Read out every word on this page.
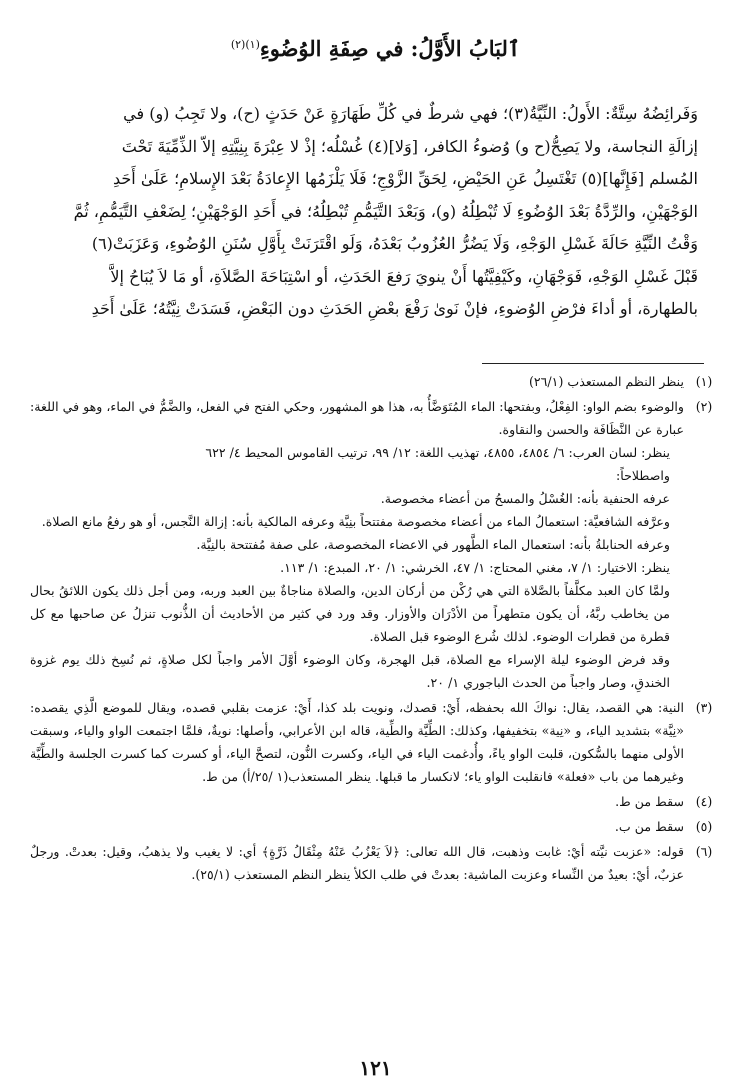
ٱلبَابُ الأَوَّلُ: في صِفَةِ الوُضُوءِ$^{(١)(٢)}$
وَفَرائِضُهُ سِتَّةٌ: الأَولُ: النِّيَّةُ(٣)؛ فهي شرطٌ في كُلِّ طَهَارَةٍ عَنْ حَدَثٍ (ح)، ولا تَجِبُ (و) في
إزالَةِ النجاسة، ولا يَصِحُّ(ح و) وُضوءُ الكافر، [وَلا](٤) غُسْلُه؛ إذْ لا عِبْرَةَ بِنِيَّتِهِ إلاّ الذِّمِّيَةَ تَحْتَ
المُسلم [فَإِنَّها](٥) تَغْتَسِلُ عَنِ الحَيْضِ، لِحَقِّ الزَّوْجِ؛ فَلَا يَلْزَمُها الإِعادَةُ بَعْدَ الإِسلامِ؛ عَلَىٰ أَحَدِ
الوَجْهَيْنِ، والرِّدَّةُ بَعْدَ الوُضُوءِ لَا تُبْطِلُهُ (و)، وَبَعْدَ التَّيَمُّمِ تُبْطِلُهُ؛ في أَحَدِ الوَجْهَيْنِ؛ لِضَعْفِ التَّيَمُّمِ، ثُمَّ
وَقْتُ النِّيَّةِ حَالَةَ غَسْلِ الوَجْهِ، وَلَا يَضُرُّ العُزُوبُ بَعْدَهُ، وَلَو اقْتَرَنَتْ بِأَوَّلِ سُنَنِ الوُضُوءِ، وَعَزَبَتْ(٦)
قَبْلَ غَسْلِ الوَجْهِ، فَوَجْهَانِ، وكَيْفِيَّتُها أَنْ ينويَ رَفعَ الحَدَثِ، أو اسْتِبَاحَةَ الصَّلاَةِ، أو مَا لاَ يُبَاحُ إلاَّ
بالطهارة، أو أداءَ فرْضِ الوُضوءِ، فإنْ نَوىٰ رَفْعَ بعْضِ الحَدَثِ دون البَعْضِ، فَسَدَتْ نِيَّتُهُ؛ عَلَىٰ أَحَدِ
(١)

ينظر النظم المستعذب (٢٦/١)

(٢)

والوضوء بضم الواو: الفِعْلُ، وبفتحها: الماء المُتَوَضَّأُ به، هذا هو المشهور، وحكي الفتح في الفعل، والضَّمُّ في الماء، وهو في اللغة: عبارة عن النَّظَافَة والحسن والنقاوة.

ينظر: لسان العرب: ٦/ ٤٨٥٤، ٤٨٥٥، تهذيب اللغة: ١٢/ ٩٩، ترتيب القاموس المحيط ٤/ ٦٢٢

واصطلاحاً:

عرفه الحنفية بأنه: الغُسْلُ والمسحُ من أعضاء مخصوصة.

وعرَّفه الشافعيَّة: استعمالُ الماء من أعضاء مخصوصة مفتتحاً بنِيَّة وعرفه المالكية بأنه: إزالة النَّجس، أو هو رفعُ مانع الصلاة.

وعرفه الحنابلةُ بأنه: استعمال الماء الطَّهور في الاعضاء المخصوصة، على صفة مُفتتحة بالنِيَّة.

ينظر: الاختيار: ١/ ٧، مغني المحتاج: ١/ ٤٧، الخرشي: ١/ ٢٠، المبدع: ١/ ١١٣.

ولمَّا كان العبد مكلَّفاً بالصَّلاة التي هي رُكْن من أركان الدين، والصلاة مناجاةٌ بين العبد وربه، ومن أجل ذلك يكون اللائقُ بحال من يخاطب ربَّهُ، أن يكون متطهراً من الأدْرَان والأوزار. وقد ورد في كثير من الأحاديث أن الذُّنوب تنزلُ عن صاحبها مع كل قطرة من قطرات الوضوء. لذلك شُرع الوضوء قبل الصلاة.

وقد فرض الوضوء ليلة الإسراء مع الصلاة، قبل الهجرة، وكان الوضوء أوَّلَ الأمر واجباً لكل صلاةٍ، ثم نُسِخ ذلك يوم غزوة الخندقِ، وصار واجباً من الحدث الباجوري ١/ ٢٠.

(٣)

النية: هي القصد، يقال: نواكَ الله بحفظه، أَيْ: قصدك، ونويت بلد كذا، أَيْ: عزمت بقلبي قصده، ويقال للموضع الَّذِي يقصده: «نِيَّة» بتشديد الياء، و «نِية» بتخفيفها، وكذلك: الطِّيَّة والطِّية، قاله ابن الأعرابي، وأصلها: نويةٌ، فلمَّا اجتمعت الواو والياء، وسبقت الأولى منهما بالسُّكون، قلبت الواو ياءً، وأُدغمت الياء في الياء، وكسرت النُّون، لتصحَّ الياء، أو كسرت كما كسرت الجلسة والطِّيَّة وغيرهما من باب «فعلة» فانقلبت الواو ياء؛ لانكسار ما قبلها. ينظر المستعذب(١ /٢٥/أ) من ط.

(٤)

سقط من ط.

(٥)

سقط من ب.

(٦)

قوله: «عزبت نيَّته أيْ: غابت وذهبت، قال الله تعالى: ﴿لاَ يَعْزُبُ عَنْهُ مِثْقَالُ ذَرَّةٍ﴾ أي: لا يغيب ولا يذهبُ، وقيل: بعدتْ. ورجلٌ عزبٌ، أيْ: بعيدٌ من النِّساء وعزبت الماشية: بعدتْ في طلب الكلأ ينظر النظم المستعذب (٢٥/١).

١٢١
